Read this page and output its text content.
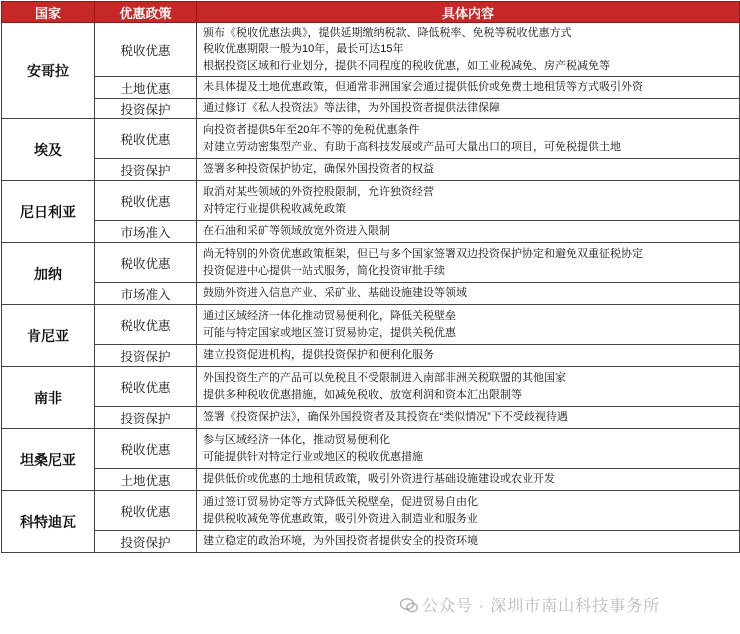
国家	优惠政策	具体内容
安哥拉	税收优惠	颁布《税收优惠法典》，提供延期缴纳税款、降低税率、免税等税收优惠方式
税收优惠期限一般为10年，最长可达15年
根据投资区域和行业划分，提供不同程度的税收优惠，如工业税减免、房产税减免等

	土地优惠	未具体提及土地优惠政策，但通常非洲国家会通过提供低价或免费土地租赁等方式吸引外资

	投资保护	通过修订《私人投资法》等法律，为外国投资者提供法律保障

埃及	税收优惠	向投资者提供5年至20年不等的免税优惠条件
对建立劳动密集型产业、有助于高科技发展或产品可大量出口的项目，可免税提供土地

	投资保护	签署多种投资保护协定，确保外国投资者的权益

尼日利亚	税收优惠	取消对某些领域的外资控股限制，允许独资经营
对特定行业提供税收减免政策

	市场准入	在石油和采矿等领域放宽外资进入限制

加纳	税收优惠	尚无特别的外资优惠政策框架，但已与多个国家签署双边投资保护协定和避免双重征税协定
投资促进中心提供一站式服务，简化投资审批手续

	市场准入	鼓励外资进入信息产业、采矿业、基础设施建设等领域

肯尼亚	税收优惠	通过区域经济一体化推动贸易便利化，降低关税壁垒
可能与特定国家或地区签订贸易协定，提供关税优惠

	投资保护	建立投资促进机构，提供投资保护和便利化服务

南非	税收优惠	外国投资生产的产品可以免税且不受限制进入南部非洲关税联盟的其他国家
提供多种税收优惠措施，如减免税收、放宽利润和资本汇出限制等

	投资保护	签署《投资保护法》，确保外国投资者及其投资在“类似情况”下不受歧视待遇

坦桑尼亚	税收优惠	参与区域经济一体化，推动贸易便利化
可能提供针对特定行业或地区的税收优惠措施

	土地优惠	提供低价或优惠的土地租赁政策，吸引外资进行基础设施建设或农业开发

科特迪瓦	税收优惠	通过签订贸易协定等方式降低关税壁垒，促进贸易自由化
提供税收减免等优惠政策，吸引外资进入制造业和服务业

	投资保护	建立稳定的政治环境，为外国投资者提供安全的投资环境
公众号 · 深圳市南山科技事务所
